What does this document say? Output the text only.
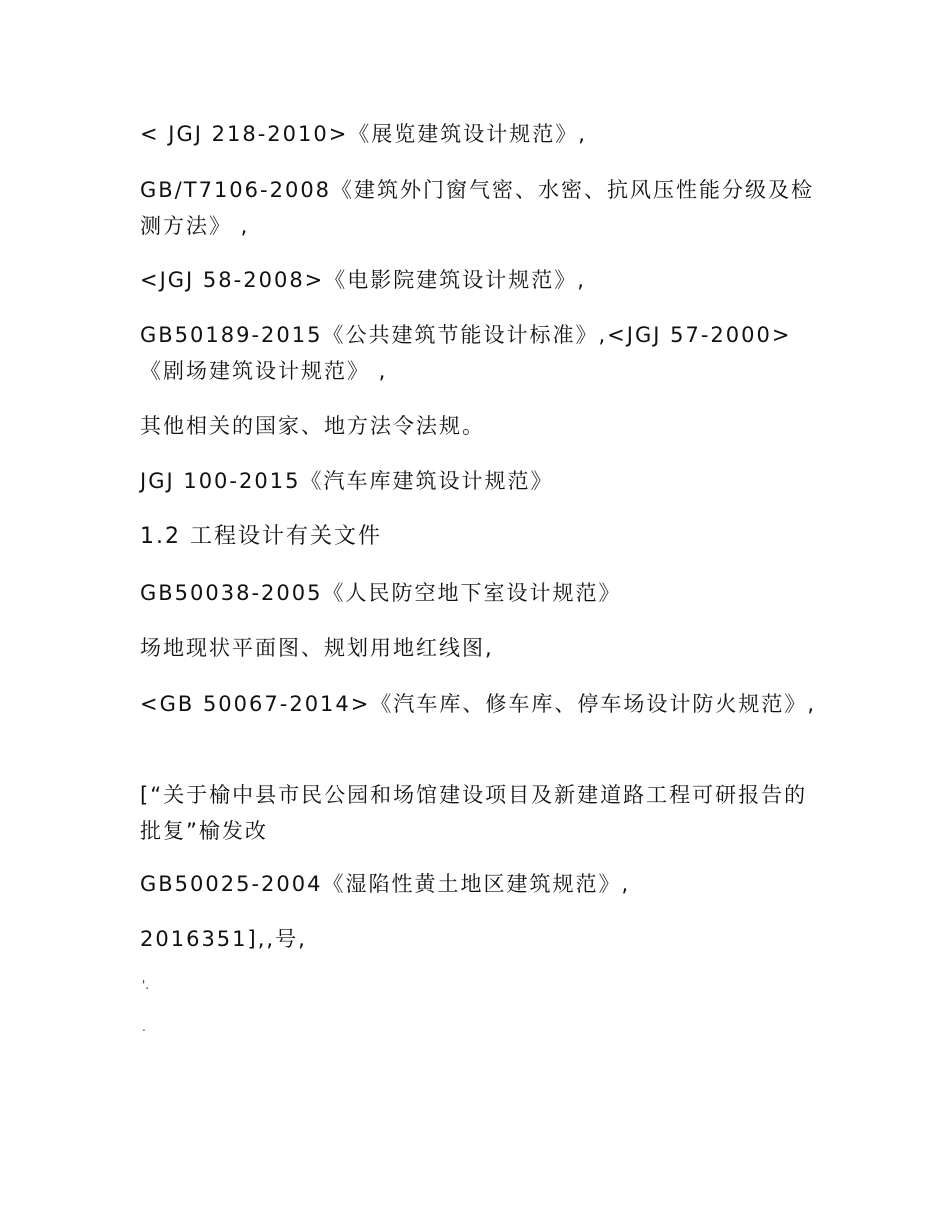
< JGJ 218-2010>《展览建筑设计规范》,
GB/T7106-2008《建筑外门窗气密、水密、抗风压性能分级及检测方法》 ,
<JGJ 58-2008>《电影院建筑设计规范》,
GB50189-2015《公共建筑节能设计标准》,<JGJ 57-2000> 《剧场建筑设计规范》 ,
其他相关的国家、地方法令法规。
JGJ 100-2015《汽车库建筑设计规范》
1.2 工程设计有关文件
GB50038-2005《人民防空地下室设计规范》
场地现状平面图、规划用地红线图,
<GB 50067-2014>《汽车库、修车库、停车场设计防火规范》,
[“关于榆中县市民公园和场馆建设项目及新建道路工程可研报告的批复”榆发改
GB50025-2004《湿陷性黄土地区建筑规范》,
2016351],,号,
'.
.
